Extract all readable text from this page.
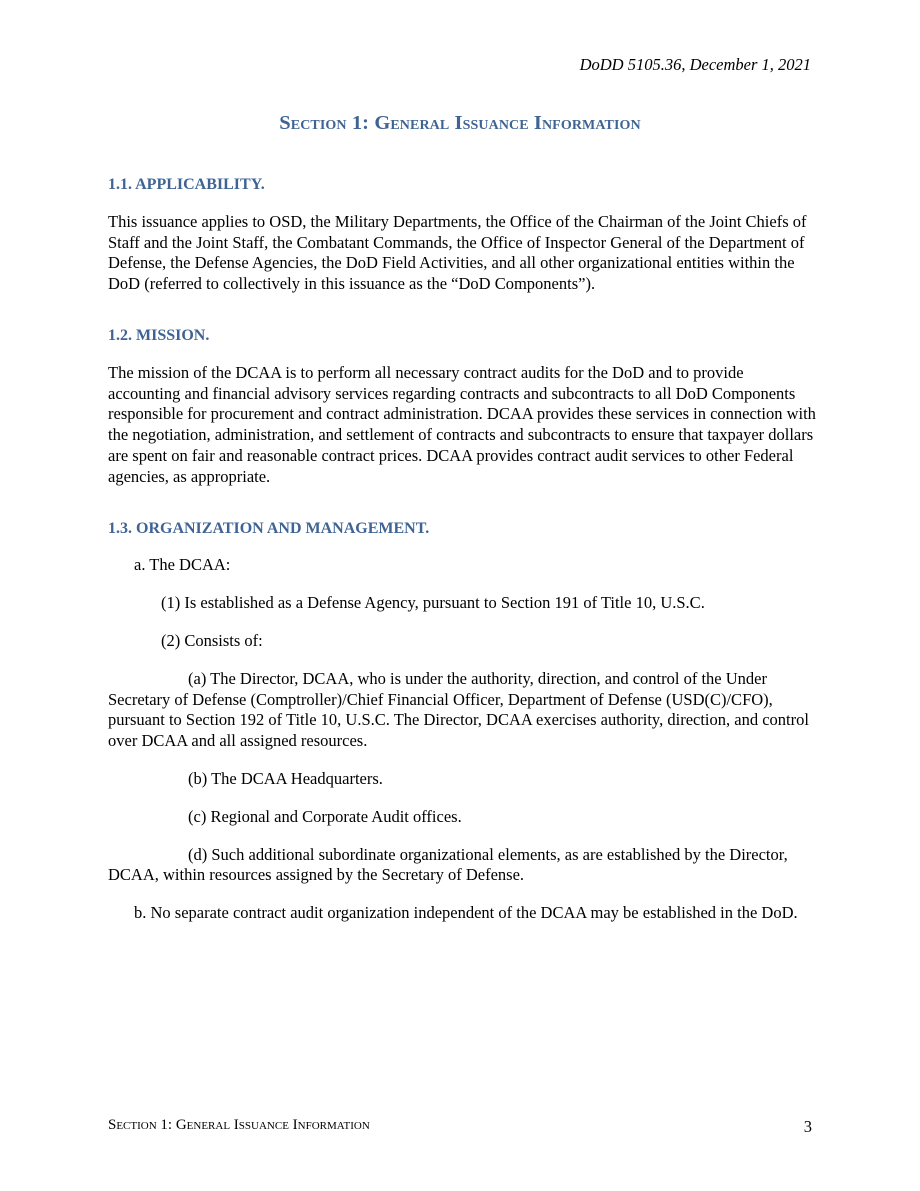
DoDD 5105.36, December 1, 2021
Section 1: General Issuance Information

1.1. APPLICABILITY.

This issuance applies to OSD, the Military Departments, the Office of the Chairman of the Joint Chiefs of Staff and the Joint Staff, the Combatant Commands, the Office of Inspector General of the Department of Defense, the Defense Agencies, the DoD Field Activities, and all other organizational entities within the DoD (referred to collectively in this issuance as the “DoD Components”).

1.2. MISSION.

The mission of the DCAA is to perform all necessary contract audits for the DoD and to provide accounting and financial advisory services regarding contracts and subcontracts to all DoD Components responsible for procurement and contract administration. DCAA provides these services in connection with the negotiation, administration, and settlement of contracts and subcontracts to ensure that taxpayer dollars are spent on fair and reasonable contract prices. DCAA provides contract audit services to other Federal agencies, as appropriate.

1.3. ORGANIZATION AND MANAGEMENT.

a. The DCAA:

(1) Is established as a Defense Agency, pursuant to Section 191 of Title 10, U.S.C.

(2) Consists of:

(a) The Director, DCAA, who is under the authority, direction, and control of the Under Secretary of Defense (Comptroller)/Chief Financial Officer, Department of Defense (USD(C)/CFO), pursuant to Section 192 of Title 10, U.S.C. The Director, DCAA exercises authority, direction, and control over DCAA and all assigned resources.

(b) The DCAA Headquarters.

(c) Regional and Corporate Audit offices.

(d) Such additional subordinate organizational elements, as are established by the Director, DCAA, within resources assigned by the Secretary of Defense.

b. No separate contract audit organization independent of the DCAA may be established in the DoD.

Section 1: General Issuance Information	3
